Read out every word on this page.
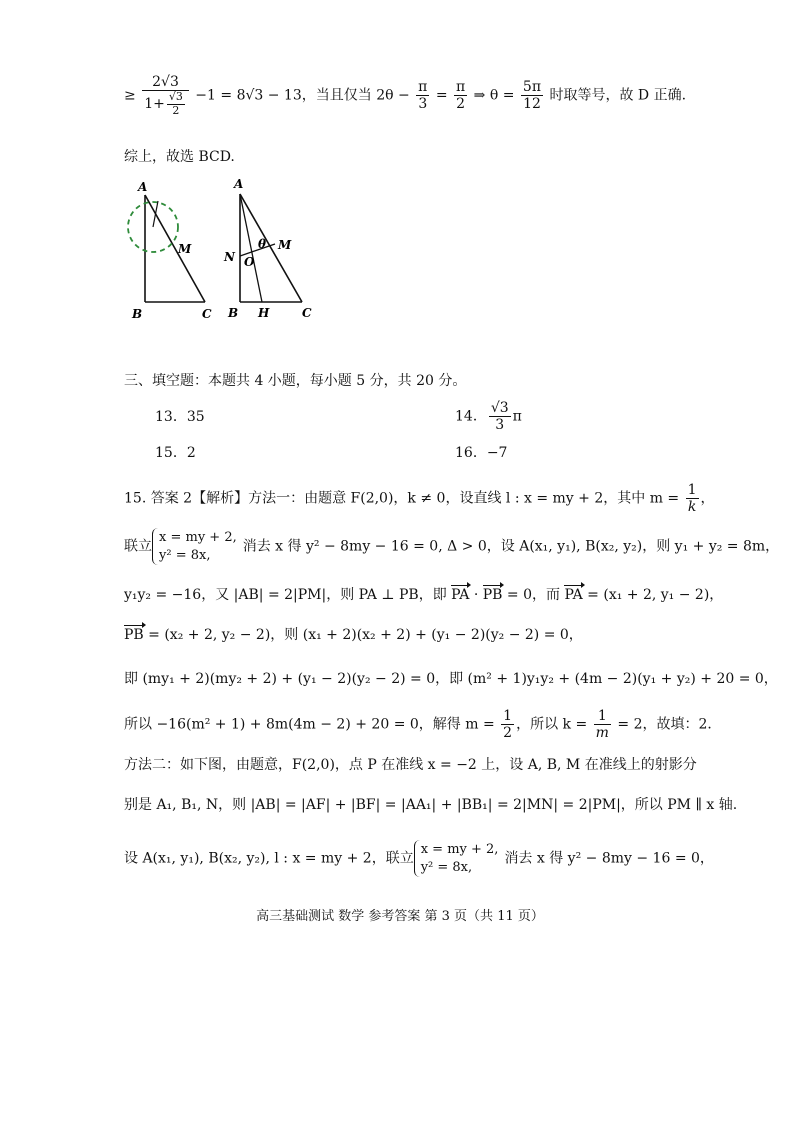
≥ $\frac{2√3}{1+ \frac{√3}{2}} -1 = 8√3 - 13$，当且仅当 $2\theta - \frac{\pi}{3} = \frac{\pi}{2}$ ⇒ $\theta = \frac{5\pi}{12}$ 时取等号，故 D 正确.
综上，故选 BCD.
A
M
B	C
A
N O
θ M
B H	C
三、填空题：本题共 4 小题，每小题 5 分，共 20 分。
13．35	14． $\frac{√3}{3}$ π
15．2	16．−7
15. 答案 2【解析】方法一：由题意 F(2,0)，k ≠ 0，设直线 l : x = my + 2，其中 $m = \frac{1}{k}$ ，
联立x = my + 2,
y² = 8x,消去 x 得 y² − 8my − 16 = 0, Δ > 0，设 A(x₁, y₁), B(x₂, y₂)，则 y₁ + y₂ = 8m，
y₁y₂ = −16，又 |AB| = 2|PM|，则 PA ⊥ PB，即 PA · PB = 0，而 PA = (x₁ + 2, y₁ − 2)，
PB = (x₂ + 2, y₂ − 2)，则 (x₁ + 2)(x₂ + 2) + (y₁ − 2)(y₂ − 2) = 0，
即 (my₁ + 2)(my₂ + 2) + (y₁ − 2)(y₂ − 2) = 0，即 (m² + 1)y₁y₂ + (4m − 2)(y₁ + y₂) + 20 = 0，
所以 −16(m² + 1) + 8m(4m − 2) + 20 = 0，解得 $m = \frac{1}{2}$ ，所以 $k = \frac{1}{m} = 2$，故填：2．
方法二：如下图，由题意，F(2,0)，点 P 在准线 x = −2 上，设 A, B, M 在准线上的射影分
别是 A₁, B₁, N，则 |AB| = |AF| + |BF| = |AA₁| + |BB₁| = 2|MN| = 2|PM|，所以 PM ∥ x 轴.
设 A(x₁, y₁), B(x₂, y₂), l : x = my + 2，联立x = my + 2,
y² = 8x,消去 x 得 y² − 8my − 16 = 0，
高三基础测试 数学 参考答案 第 3 页（共 11 页）
